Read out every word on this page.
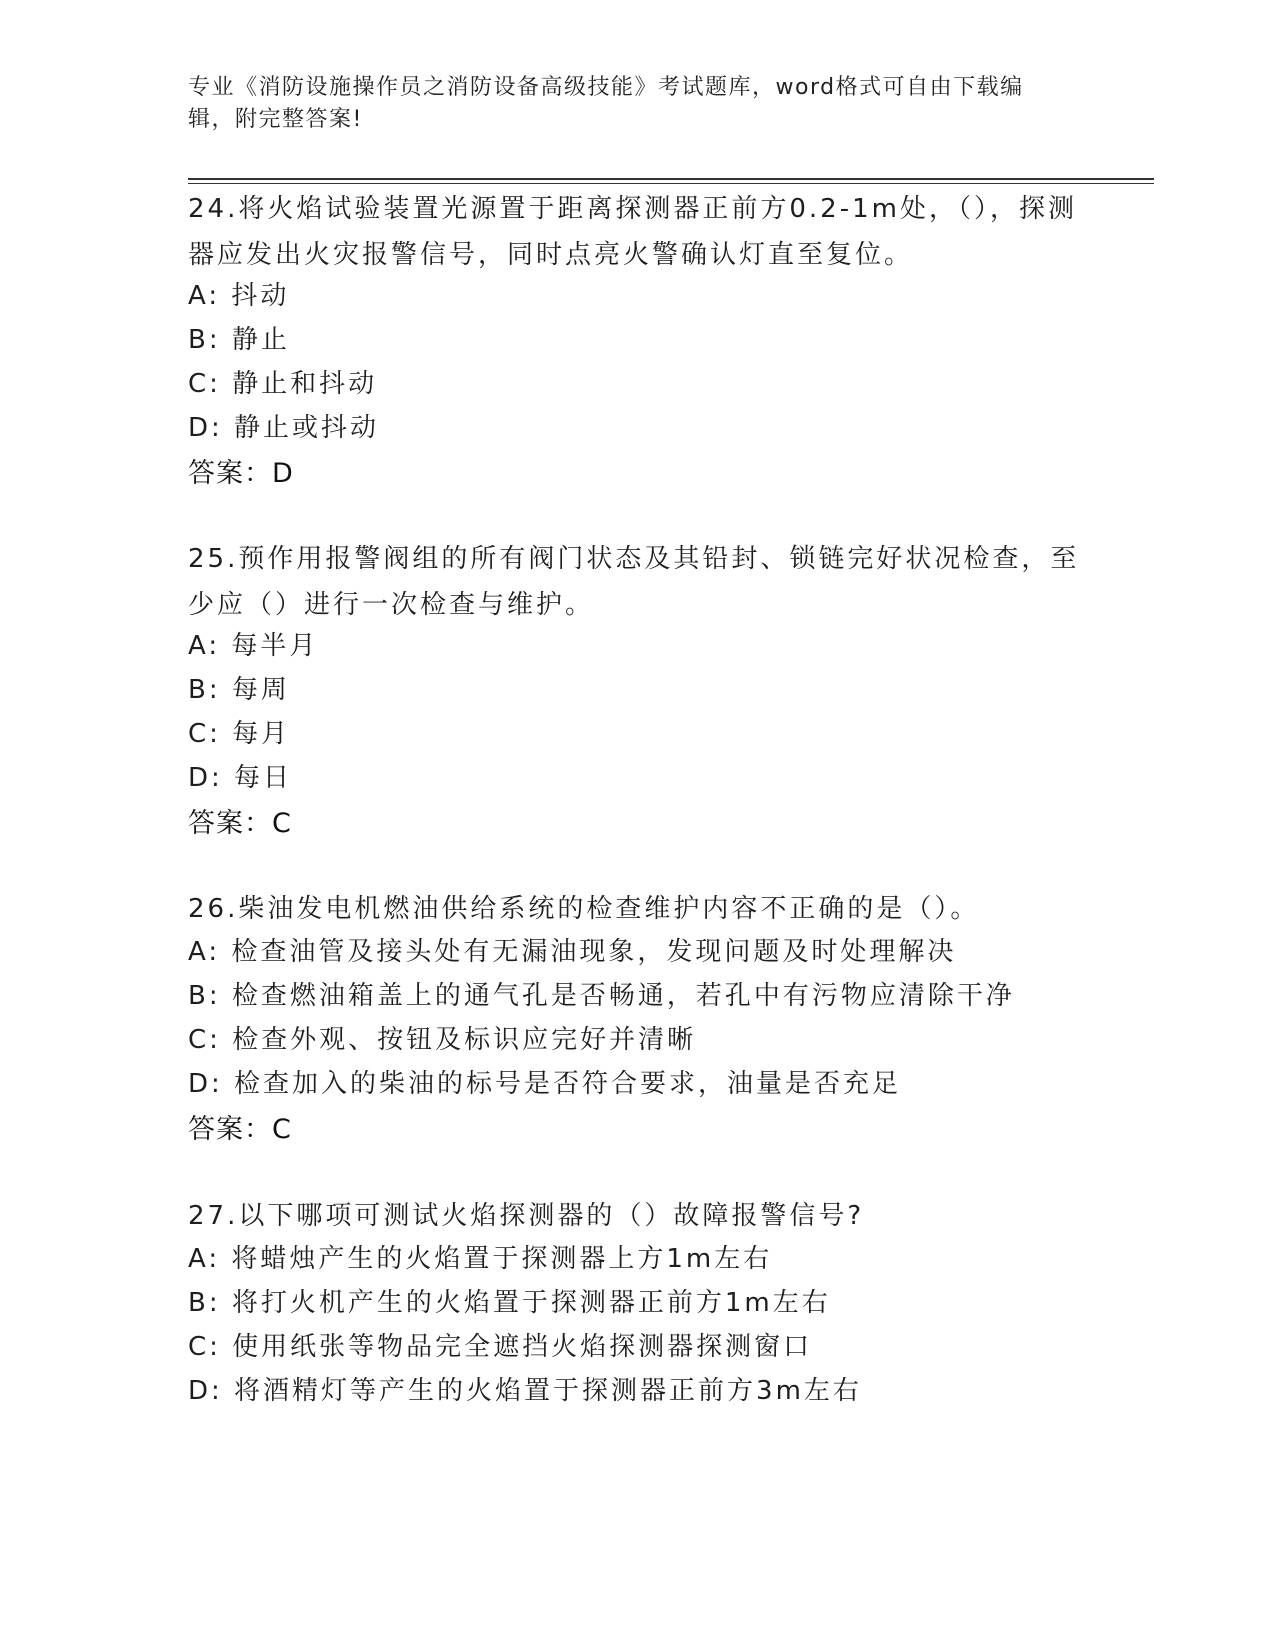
专业《消防设施操作员之消防设备高级技能》考试题库，word格式可自由下载编辑，附完整答案!
24.将火焰试验装置光源置于距离探测器正前方0.2-1m处，（），探测器应发出火灾报警信号，同时点亮火警确认灯直至复位。
A: 抖动
B: 静止
C: 静止和抖动
D: 静止或抖动
答案：D
25.预作用报警阀组的所有阀门状态及其铅封、锁链完好状况检查，至少应（）进行一次检查与维护。
A: 每半月
B: 每周
C: 每月
D: 每日
答案：C
26.柴油发电机燃油供给系统的检查维护内容不正确的是（）。
A: 检查油管及接头处有无漏油现象，发现问题及时处理解决
B: 检查燃油箱盖上的通气孔是否畅通，若孔中有污物应清除干净
C: 检查外观、按钮及标识应完好并清晰
D: 检查加入的柴油的标号是否符合要求，油量是否充足
答案：C
27.以下哪项可测试火焰探测器的（）故障报警信号?
A: 将蜡烛产生的火焰置于探测器上方1m左右
B: 将打火机产生的火焰置于探测器正前方1m左右
C: 使用纸张等物品完全遮挡火焰探测器探测窗口
D: 将酒精灯等产生的火焰置于探测器正前方3m左右
